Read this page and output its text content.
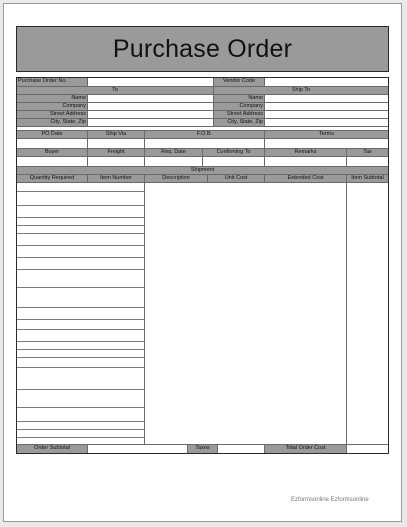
Purchase Order
Purchase Order No.	Vendor Code
To	Ship To
Name	Name
Company	Company
Street Address	Street Address
City, State, Zip	City, State, Zip
PO Date	Ship Via	F.O.B.	Terms
Buyer	Freight	Req. Date	Confirming To	Remarks	Tax
Shipment
Quantity Required	Item Number	Description	Unit Cost	Extended Cost	Item Subtotal
Order Subtotal	Taxes	Total Order Cost
Ezformsonline Ezformsonline
